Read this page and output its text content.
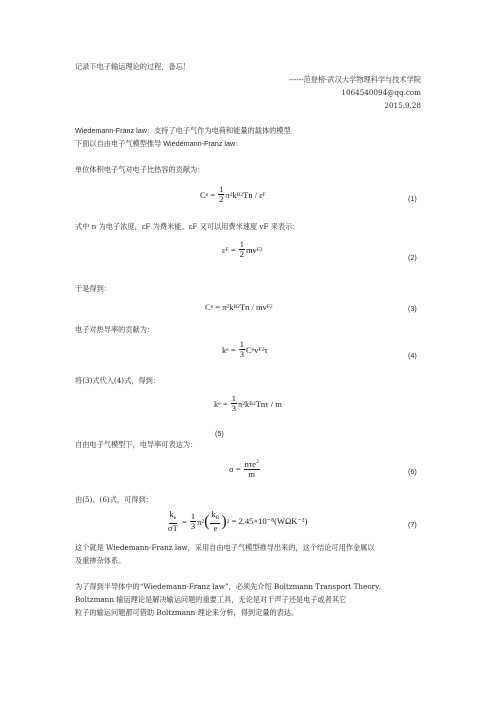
记录下电子输运理论的过程，备忘！
------范登榜-武汉大学物理科学与技术学院
1064540094@qq.com
2015.9.28
Wiedemann-Franz law：支持了电子气作为电荷和能量的载体的模型
下面以自由电子气模型推导 Wiedemann-Franz law：
单位体积电子气对电子比热容的贡献为：
C $e = \frac{1}{2}$ π 2 k B 2 Tn / ε F	(1)
式中 n 为电子浓度，εF 为费米能。εF 又可以用费米速度 vF 来表示：
ε $F = \frac{1}{2}$ mv F 2
(2)
于是得到：
C e = π 2 k B 2 Tn / mv F 2	(3)
电子对热导率的贡献为：
k $e = \frac{1}{3}$ C e v F 2 τ
(4)
将(3)式代入(4)式，得到：
k $e = \frac{1}{3}$ π 2 k B 2 Tnτ / m
(5)
自由电子气模型下，电导率可表达为：
$\sigma = \frac{n\tau e^2}{m}$	(6)
由(5)、(6)式，可得到：
$\frac{k_e}{\sigma T} = \frac{1}{3}$ π 2 ( $\frac{k_B}{e}$ ) 2
= 2.45×10⁻⁸(WΩK⁻²)	(7)
这个就是 Wiedemann-Franz law，采用自由电子气模型推导出来的，这个结论可用作金属以
及重掺杂体系。
为了得到半导体中的“Wiedemann-Franz law”，必须先介绍 Boltzmann Transport Theory。
Boltzmann 输运理论是解决输运问题的重要工具，无论是对于声子还是电子或者其它
粒子的输运问题都可借助 Boltzmann 理论来分析，得到定量的表达。
